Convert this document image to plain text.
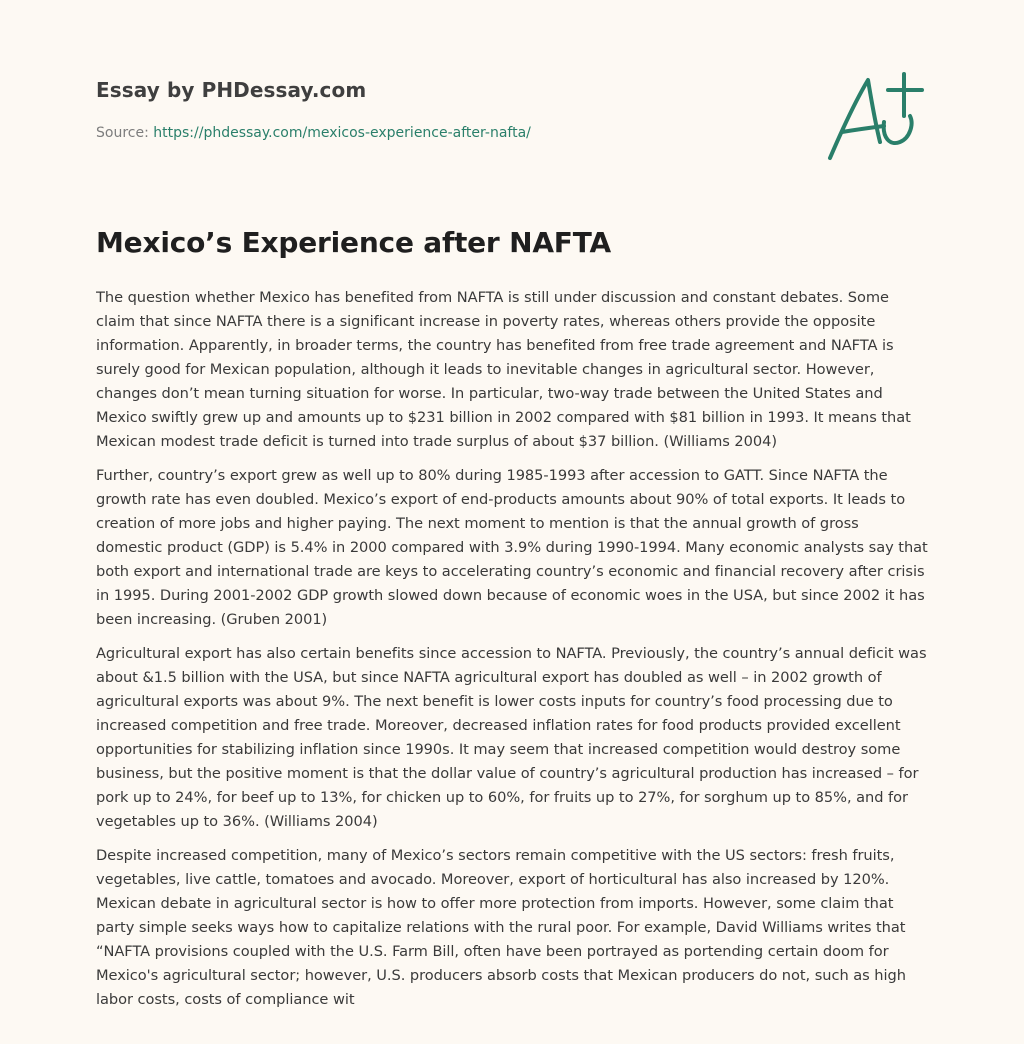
Essay by PHDessay.com
Source: https://phdessay.com/mexicos-experience-after-nafta/
Mexico’s Experience after NAFTA

The question whether Mexico has benefited from NAFTA is still under discussion and constant debates. Some claim that since NAFTA there is a significant increase in poverty rates, whereas others provide the opposite information. Apparently, in broader terms, the country has benefited from free trade agreement and NAFTA is surely good for Mexican population, although it leads to inevitable changes in agricultural sector. However, changes don’t mean turning situation for worse. In particular, two-way trade between the United States and Mexico swiftly grew up and amounts up to $231 billion in 2002 compared with $81 billion in 1993. It means that Mexican modest trade deficit is turned into trade surplus of about $37 billion. (Williams 2004)

Further, country’s export grew as well up to 80% during 1985-1993 after accession to GATT. Since NAFTA the growth rate has even doubled. Mexico’s export of end-products amounts about 90% of total exports. It leads to creation of more jobs and higher paying. The next moment to mention is that the annual growth of gross domestic product (GDP) is 5.4% in 2000 compared with 3.9% during 1990-1994. Many economic analysts say that both export and international trade are keys to accelerating country’s economic and financial recovery after crisis in 1995. During 2001-2002 GDP growth slowed down because of economic woes in the USA, but since 2002 it has been increasing. (Gruben 2001)

Agricultural export has also certain benefits since accession to NAFTA. Previously, the country’s annual deficit was about &1.5 billion with the USA, but since NAFTA agricultural export has doubled as well – in 2002 growth of agricultural exports was about 9%. The next benefit is lower costs inputs for country’s food processing due to increased competition and free trade. Moreover, decreased inflation rates for food products provided excellent opportunities for stabilizing inflation since 1990s. It may seem that increased competition would destroy some business, but the positive moment is that the dollar value of country’s agricultural production has increased – for pork up to 24%, for beef up to 13%, for chicken up to 60%, for fruits up to 27%, for sorghum up to 85%, and for vegetables up to 36%. (Williams 2004)

Despite increased competition, many of Mexico’s sectors remain competitive with the US sectors: fresh fruits, vegetables, live cattle, tomatoes and avocado. Moreover, export of horticultural has also increased by 120%. Mexican debate in agricultural sector is how to offer more protection from imports. However, some claim that party simple seeks ways how to capitalize relations with the rural poor. For example, David Williams writes that “NAFTA provisions coupled with the U.S. Farm Bill, often have been portrayed as portending certain doom for Mexico's agricultural sector; however, U.S. producers absorb costs that Mexican producers do not, such as high labor costs, costs of compliance wit
